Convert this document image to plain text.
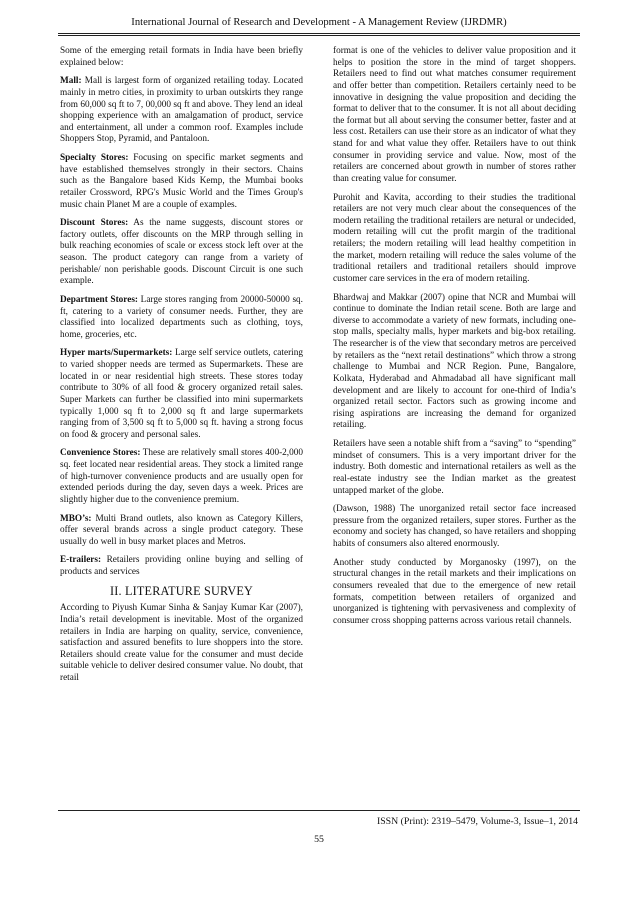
International Journal of Research and Development - A Management Review (IJRDMR)

Some of the emerging retail formats in India have been briefly explained below:

Mall: Mall is largest form of organized retailing today. Located mainly in metro cities, in proximity to urban outskirts they range from 60,000 sq ft to 7, 00,000 sq ft and above. They lend an ideal shopping experience with an amalgamation of product, service and entertainment, all under a common roof. Examples include Shoppers Stop, Pyramid, and Pantaloon.

Specialty Stores: Focusing on specific market segments and have established themselves strongly in their sectors. Chains such as the Bangalore based Kids Kemp, the Mumbai books retailer Crossword, RPG's Music World and the Times Group's music chain Planet M are a couple of examples.

Discount Stores: As the name suggests, discount stores or factory outlets, offer discounts on the MRP through selling in bulk reaching economies of scale or excess stock left over at the season. The product category can range from a variety of perishable/ non perishable goods. Discount Circuit is one such example.

Department Stores: Large stores ranging from 20000-50000 sq. ft, catering to a variety of consumer needs. Further, they are classified into localized departments such as clothing, toys, home, groceries, etc.

Hyper marts/Supermarkets: Large self service outlets, catering to varied shopper needs are termed as Supermarkets. These are located in or near residential high streets. These stores today contribute to 30% of all food & grocery organized retail sales. Super Markets can further be classified into mini supermarkets typically 1,000 sq ft to 2,000 sq ft and large supermarkets ranging from of 3,500 sq ft to 5,000 sq ft. having a strong focus on food & grocery and personal sales.

Convenience Stores: These are relatively small stores 400-2,000 sq. feet located near residential areas. They stock a limited range of high-turnover convenience products and are usually open for extended periods during the day, seven days a week. Prices are slightly higher due to the convenience premium.

MBO’s: Multi Brand outlets, also known as Category Killers, offer several brands across a single product category. These usually do well in busy market places and Metros.

E-trailers: Retailers providing online buying and selling of products and services

II. LITERATURE SURVEY

According to Piyush Kumar Sinha & Sanjay Kumar Kar (2007), India’s retail development is inevitable. Most of the organized retailers in India are harping on quality, service, convenience, satisfaction and assured benefits to lure shoppers into the store. Retailers should create value for the consumer and must decide suitable vehicle to deliver desired consumer value. No doubt, that retail

format is one of the vehicles to deliver value proposition and it helps to position the store in the mind of target shoppers. Retailers need to find out what matches consumer requirement and offer better than competition. Retailers certainly need to be innovative in designing the value proposition and deciding the format to deliver that to the consumer. It is not all about deciding the format but all about serving the consumer better, faster and at less cost. Retailers can use their store as an indicator of what they stand for and what value they offer. Retailers have to out think consumer in providing service and value. Now, most of the retailers are concerned about growth in number of stores rather than creating value for consumer.

Purohit and Kavita, according to their studies the traditional retailers are not very much clear about the consequences of the modern retailing the traditional retailers are netural or undecided, modern retailing will cut the profit margin of the traditional retailers; the modern retailing will lead healthy competition in the market, modern retailing will reduce the sales volume of the traditional retailers and traditional retailers should improve customer care services in the era of modern retailing.

Bhardwaj and Makkar (2007) opine that NCR and Mumbai will continue to dominate the Indian retail scene. Both are large and diverse to accommodate a variety of new formats, including one-stop malls, specialty malls, hyper markets and big-box retailing. The researcher is of the view that secondary metros are perceived by retailers as the “next retail destinations” which throw a strong challenge to Mumbai and NCR Region. Pune, Bangalore, Kolkata, Hyderabad and Ahmadabad all have significant mall development and are likely to account for one-third of India’s organized retail sector. Factors such as growing income and rising aspirations are increasing the demand for organized retailing.

Retailers have seen a notable shift from a “saving” to “spending” mindset of consumers. This is a very important driver for the industry. Both domestic and international retailers as well as the real-estate industry see the Indian market as the greatest untapped market of the globe.

(Dawson, 1988) The unorganized retail sector face increased pressure from the organized retailers, super stores. Further as the economy and society has changed, so have retailers and shopping habits of consumers also altered enormously.

Another study conducted by Morganosky (1997), on the structural changes in the retail markets and their implications on consumers revealed that due to the emergence of new retail formats, competition between retailers of organized and unorganized is tightening with pervasiveness and complexity of consumer cross shopping patterns across various retail channels.

ISSN (Print): 2319–5479, Volume-3, Issue–1, 2014
55
